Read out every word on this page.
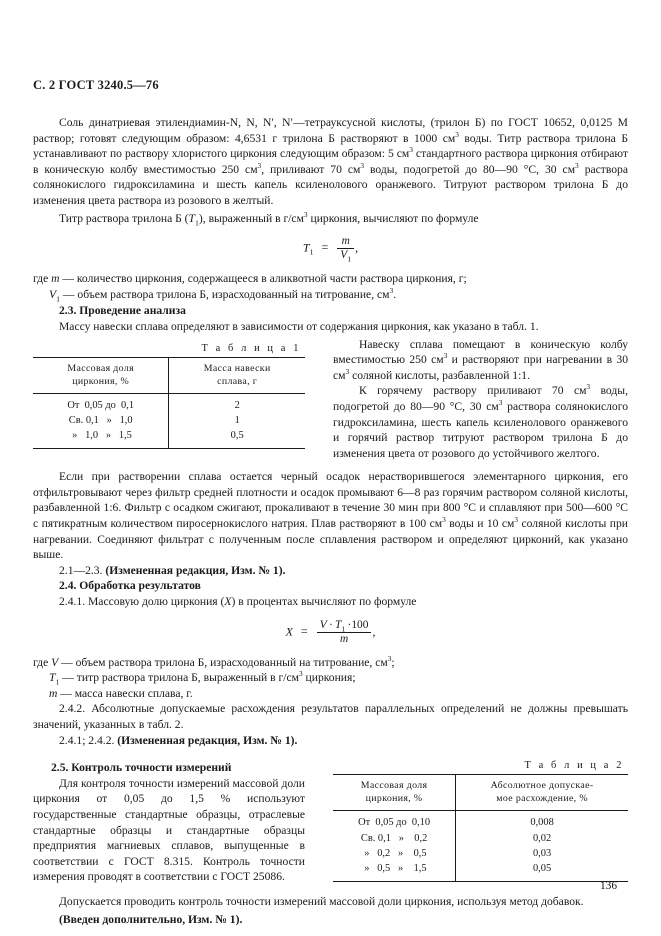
С. 2 ГОСТ 3240.5—76

Соль динатриевая этилендиамин-N, N, N′, N′—тетрауксусной кислоты, (трилон Б) по ГОСТ 10652, 0,0125 М раствор; готовят следующим образом: 4,6531 г трилона Б растворяют в 1000 $см^3$ воды. Титр раствора трилона Б устанавливают по раствору хлористого циркония следующим образом: 5 $см^3$ стандартного раствора циркония отбирают в коническую колбу вместимостью 250 $см^3$, приливают 70 $см^3$ воды, подогретой до 80—90 °С, 30 $см^3$ раствора солянокислого гидроксиламина и шесть капель ксиленолового оранжевого. Титруют раствором трилона Б до изменения цвета раствора из розового в желтый.

Титр раствора трилона Б $(T_1)$, выраженный в $г/см^3$ циркония, вычисляют по формуле

$T_1 = \frac{m}{V_1}$ ,

где m — количество циркония, содержащееся в аликвотной части раствора циркония, г;

$V_1$ — объем раствора трилона Б, израсходованный на титрование, $см^3$.

2.3. Проведение анализа

Массу навески сплава определяют в зависимости от содержания циркония, как указано в табл. 1.

Т а б л и ц а 1
Массовая доля
циркония, %	Масса навески
сплава, г
От  0,05 до  0,1	2
Св. 0,1   »   1,0	1
»   1,0   »   1,5	0,5

Навеску сплава помещают в коническую колбу вместимостью 250 $см^3$ и растворяют при нагревании в 30 $см^3$ соляной кислоты, разбавленной 1:1.

К горячему раствору приливают 70 $см^3$ воды, подогретой до 80—90 °С, 30 $см^3$ раствора солянокислого гидроксиламина, шесть капель ксиленолового оранжевого и горячий раствор титруют раствором трилона Б до изменения цвета от розового до устойчивого желтого.

Если при растворении сплава остается черный осадок нерастворившегося элементарного циркония, его отфильтровывают через фильтр средней плотности и осадок промывают 6—8 раз горячим раствором соляной кислоты, разбавленной 1:6. Фильтр с осадком сжигают, прокаливают в течение 30 мин при 800 °С и сплавляют при 500—600 °С с пятикратным количеством пиросернокислого натрия. Плав растворяют в 100 $см^3$ воды и 10 $см^3$ соляной кислоты при нагревании. Соединяют фильтрат с полученным после сплавления раствором и определяют цирконий, как указано выше.

2.1—2.3. (Измененная редакция, Изм. № 1).

2.4. Обработка результатов

2.4.1. Массовую долю циркония (X) в процентах вычисляют по формуле

$X = \frac{V \cdot T_1 \cdot 100}{m}$ ,

где V — объем раствора трилона Б, израсходованный на титрование, $см^3$;

$T_1$ — титр раствора трилона Б, выраженный в $г/см^3$ циркония;

m — масса навески сплава, г.

2.4.2. Абсолютные допускаемые расхождения результатов параллельных определений не должны превышать значений, указанных в табл. 2.

2.4.1; 2.4.2. (Измененная редакция, Изм. № 1).

Т а б л и ц а 2
Массовая доля
циркония, %	Абсолютное допускае-
мое расхождение, %
От  0,05 до  0,10	0,008
Св. 0,1   »    0,2	0,02
»   0,2   »    0,5	0,03
»   0,5   »    1,5	0,05

2.5. Контроль точности измерений

Для контроля точности измерений массовой доли циркония от 0,05 до 1,5 % используют государственные стандартные образцы, отраслевые стандартные образцы и стандартные образцы предприятия магниевых сплавов, выпущенные в соответствии с ГОСТ 8.315. Контроль точности измерения проводят в соответствии с ГОСТ 25086.

Допускается проводить контроль точности измерений массовой доли циркония, используя метод добавок.

(Введен дополнительно, Изм. № 1).

136
